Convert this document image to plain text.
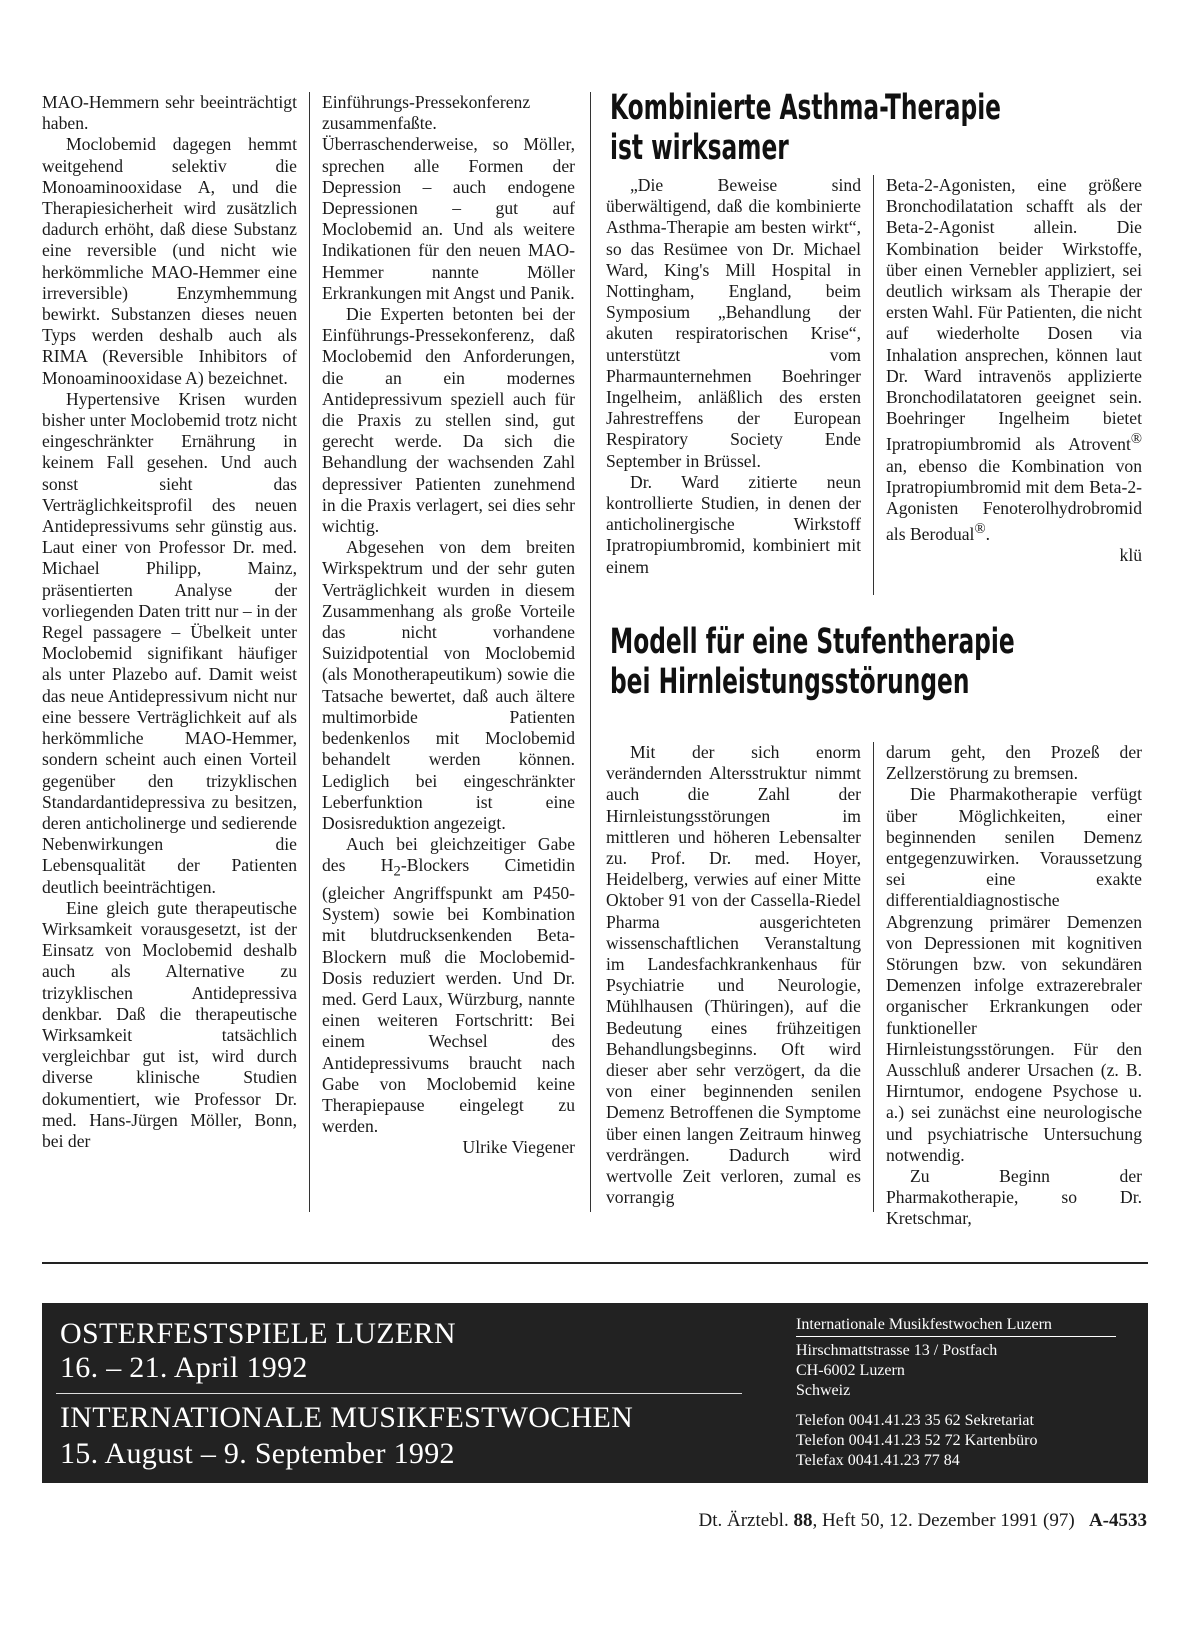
MAO-Hemmern sehr beeinträchtigt haben.

Moclobemid dagegen hemmt weitgehend selektiv die Monoaminooxidase A, und die Therapiesicherheit wird zusätzlich dadurch erhöht, daß diese Substanz eine reversible (und nicht wie herkömmliche MAO-Hemmer eine irreversible) Enzymhemmung bewirkt. Substanzen dieses neuen Typs werden deshalb auch als RIMA (Reversible Inhibitors of Monoaminooxidase A) bezeichnet.

Hypertensive Krisen wurden bisher unter Moclobemid trotz nicht eingeschränkter Ernährung in keinem Fall gesehen. Und auch sonst sieht das Verträglichkeitsprofil des neuen Antidepressivums sehr günstig aus. Laut einer von Professor Dr. med. Michael Philipp, Mainz, präsentierten Analyse der vorliegenden Daten tritt nur – in der Regel passagere – Übelkeit unter Moclobemid signifikant häufiger als unter Plazebo auf. Damit weist das neue Antidepressivum nicht nur eine bessere Verträglichkeit auf als herkömmliche MAO-Hemmer, sondern scheint auch einen Vorteil gegenüber den trizyklischen Standardantidepressiva zu besitzen, deren anticholinerge und sedierende Nebenwirkungen die Lebensqualität der Patienten deutlich beeinträchtigen.

Eine gleich gute therapeutische Wirksamkeit vorausgesetzt, ist der Einsatz von Moclobemid deshalb auch als Alternative zu trizyklischen Antidepressiva denkbar. Daß die therapeutische Wirksamkeit tatsächlich vergleichbar gut ist, wird durch diverse klinische Studien dokumentiert, wie Professor Dr. med. Hans-Jürgen Möller, Bonn, bei der

Einführungs-Pressekonferenz zusammenfaßte. Überraschenderweise, so Möller, sprechen alle Formen der Depression – auch endogene Depressionen – gut auf Moclobemid an. Und als weitere Indikationen für den neuen MAO-Hemmer nannte Möller Erkrankungen mit Angst und Panik.

Die Experten betonten bei der Einführungs-Pressekonferenz, daß Moclobemid den Anforderungen, die an ein modernes Antidepressivum speziell auch für die Praxis zu stellen sind, gut gerecht werde. Da sich die Behandlung der wachsenden Zahl depressiver Patienten zunehmend in die Praxis verlagert, sei dies sehr wichtig.

Abgesehen von dem breiten Wirkspektrum und der sehr guten Verträglichkeit wurden in diesem Zusammenhang als große Vorteile das nicht vorhandene Suizidpotential von Moclobemid (als Monotherapeutikum) sowie die Tatsache bewertet, daß auch ältere multimorbide Patienten bedenkenlos mit Moclobemid behandelt werden können. Lediglich bei eingeschränkter Leberfunktion ist eine Dosisreduktion angezeigt.

Auch bei gleichzeitiger Gabe des $H_2$-Blockers Cimetidin (gleicher Angriffspunkt am P450-System) sowie bei Kombination mit blutdrucksenkenden Beta-Blockern muß die Moclobemid-Dosis reduziert werden. Und Dr. med. Gerd Laux, Würzburg, nannte einen weiteren Fortschritt: Bei einem Wechsel des Antidepressivums braucht nach Gabe von Moclobemid keine Therapiepause eingelegt zu werden.

Ulrike Viegener

Kombinierte Asthma-Therapie
ist wirksamer

„Die Beweise sind überwältigend, daß die kombinierte Asthma-Therapie am besten wirkt“, so das Resümee von Dr. Michael Ward, King's Mill Hospital in Nottingham, England, beim Symposium „Behandlung der akuten respiratorischen Krise“, unterstützt vom Pharmaunternehmen Boehringer Ingelheim, anläßlich des ersten Jahrestreffens der European Respiratory Society Ende September in Brüssel.

Dr. Ward zitierte neun kontrollierte Studien, in denen der anticholinergische Wirkstoff Ipratropiumbromid, kombiniert mit einem

Beta-2-Agonisten, eine größere Bronchodilatation schafft als der Beta-2-Agonist allein. Die Kombination beider Wirkstoffe, über einen Vernebler appliziert, sei deutlich wirksam als Therapie der ersten Wahl. Für Patienten, die nicht auf wiederholte Dosen via Inhalation ansprechen, können laut Dr. Ward intravenös applizierte Bronchodilatatoren geeignet sein. Boehringer Ingelheim bietet Ipratropiumbromid als Atrovent® an, ebenso die Kombination von Ipratropiumbromid mit dem Beta-2-Agonisten Fenoterolhydrobromid als Berodual®.
klü

Modell für eine Stufentherapie
bei Hirnleistungsstörungen

Mit der sich enorm verändernden Altersstruktur nimmt auch die Zahl der Hirnleistungsstörungen im mittleren und höheren Lebensalter zu. Prof. Dr. med. Hoyer, Heidelberg, verwies auf einer Mitte Oktober 91 von der Cassella-Riedel Pharma ausgerichteten wissenschaftlichen Veranstaltung im Landesfachkrankenhaus für Psychiatrie und Neurologie, Mühlhausen (Thüringen), auf die Bedeutung eines frühzeitigen Behandlungsbeginns. Oft wird dieser aber sehr verzögert, da die von einer beginnenden senilen Demenz Betroffenen die Symptome über einen langen Zeitraum hinweg verdrängen. Dadurch wird wertvolle Zeit verloren, zumal es vorrangig

darum geht, den Prozeß der Zellzerstörung zu bremsen.

Die Pharmakotherapie verfügt über Möglichkeiten, einer beginnenden senilen Demenz entgegenzuwirken. Voraussetzung sei eine exakte differentialdiagnostische Abgrenzung primärer Demenzen von Depressionen mit kognitiven Störungen bzw. von sekundären Demenzen infolge extrazerebraler organischer Erkrankungen oder funktioneller Hirnleistungsstörungen. Für den Ausschluß anderer Ursachen (z. B. Hirntumor, endogene Psychose u. a.) sei zunächst eine neurologische und psychiatrische Untersuchung notwendig.

Zu Beginn der Pharmakotherapie, so Dr. Kretschmar,

OSTERFESTSPIELE LUZERN
16. – 21. April 1992
INTERNATIONALE MUSIKFESTWOCHEN
15. August – 9. September 1992
Internationale Musikfestwochen Luzern
Hirschmattstrasse 13 / Postfach
CH-6002 Luzern
Schweiz
Telefon 0041.41.23 35 62 Sekretariat
Telefon 0041.41.23 52 72 Kartenbüro
Telefax 0041.41.23 77 84
Dt. Ärztebl. 88, Heft 50, 12. Dezember 1991 (97) A-4533
